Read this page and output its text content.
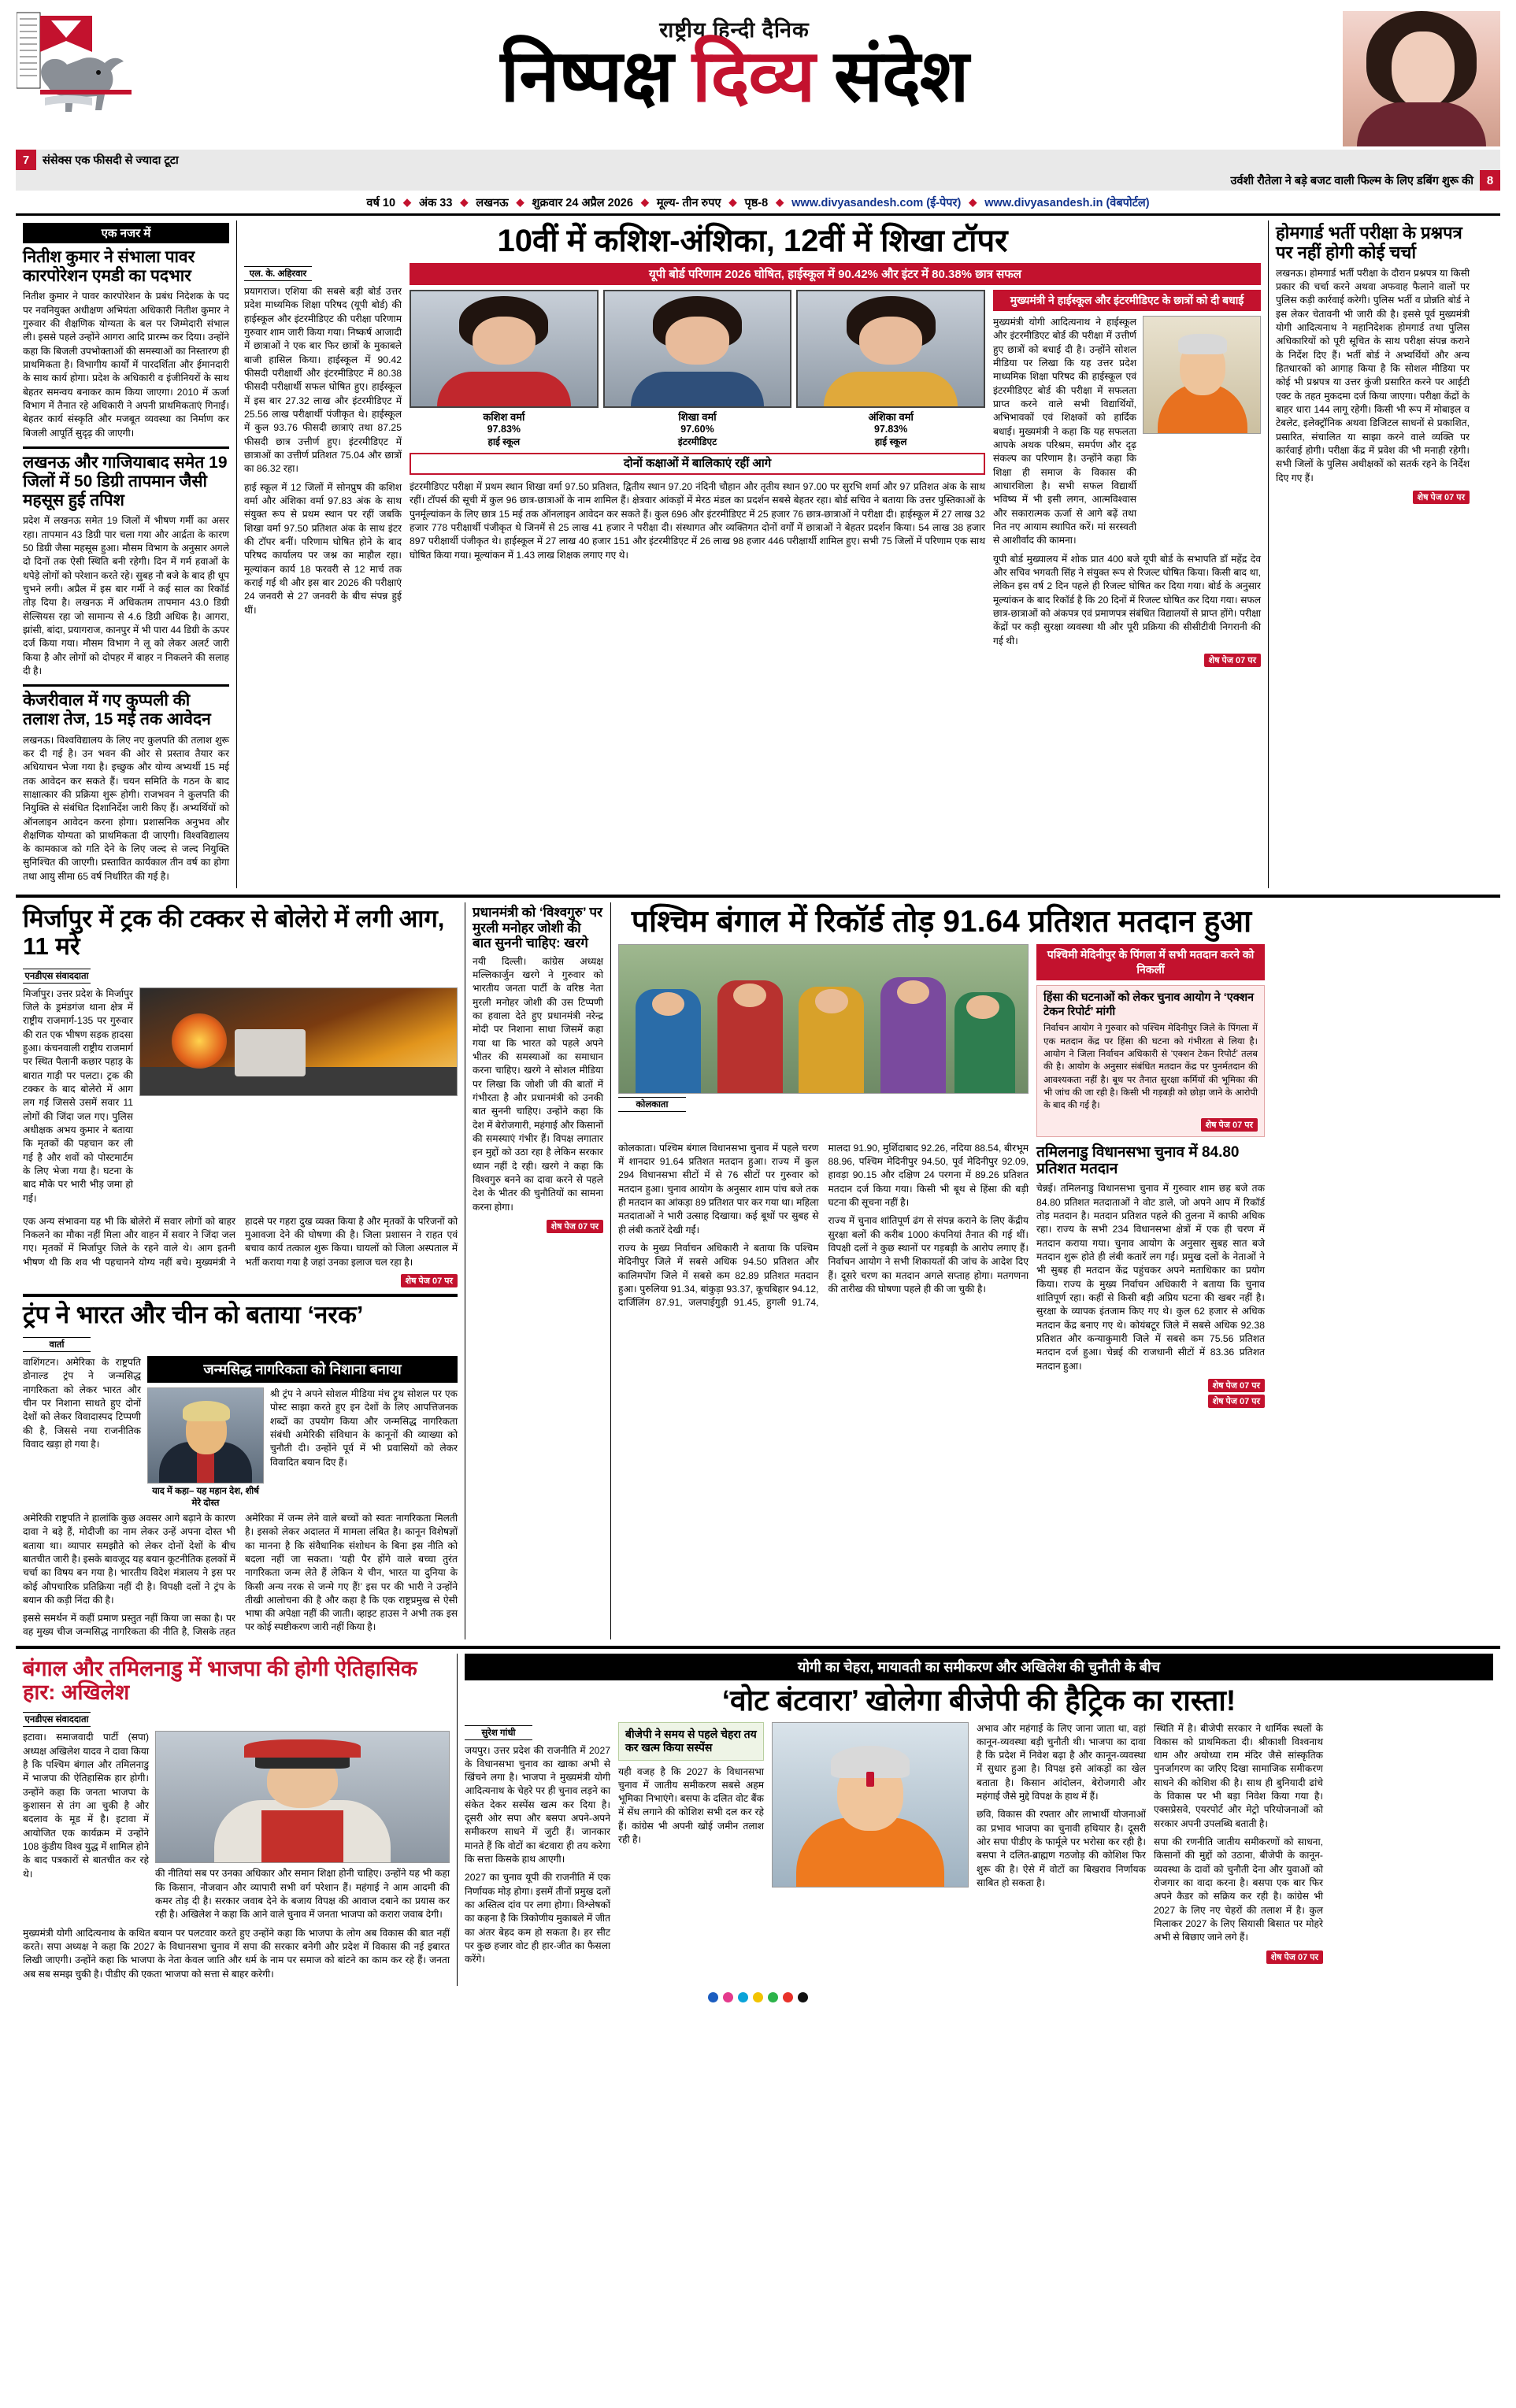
राष्ट्रीय हिन्दी दैनिक
निष्पक्ष दिव्य संदेश
7	संसेक्स एक फीसदी से ज्यादा टूटा
उर्वशी रौतेला ने बड़े बजट वाली फिल्म के लिए डबिंग शुरू की	8
वर्ष 10 ◆ अंक 33 ◆ लखनऊ ◆ शुक्रवार 24 अप्रैल 2026 ◆ मूल्य- तीन रुपए ◆ पृष्ठ-8 ◆ www.divyasandesh.com (ई-पेपर) ◆ www.divyasandesh.in (वेबपोर्टल)
एक नजर में
नितीश कुमार ने संभाला पावर कारपोरेशन एमडी का पदभार

नितीश कुमार ने पावर कारपोरेशन के प्रबंध निदेशक के पद पर नवनियुक्त अधीक्षण अभियंता अधिकारी नितीश कुमार ने गुरुवार की शैक्षणिक योग्यता के बल पर जिम्मेदारी संभाल ली। इससे पहले उन्होंने आगरा आदि प्रारम्भ कर दिया। उन्होंने कहा कि बिजली उपभोक्ताओं की समस्याओं का निस्तारण ही प्राथमिकता है। विभागीय कार्यों में पारदर्शिता और ईमानदारी के साथ कार्य होगा। प्रदेश के अधिकारी व इंजीनियरों के साथ बेहतर समन्वय बनाकर काम किया जाएगा। 2010 में ऊर्जा विभाग में तैनात रहे अधिकारी ने अपनी प्राथमिकताएं गिनाईं। बेहतर कार्य संस्कृति और मजबूत व्यवस्था का निर्माण कर बिजली आपूर्ति सुदृढ़ की जाएगी।

लखनऊ और गाजियाबाद समेत 19 जिलों में 50 डिग्री तापमान जैसी महसूस हुई तपिश

प्रदेश में लखनऊ समेत 19 जिलों में भीषण गर्मी का असर रहा। तापमान 43 डिग्री पार चला गया और आर्द्रता के कारण 50 डिग्री जैसा महसूस हुआ। मौसम विभाग के अनुसार अगले दो दिनों तक ऐसी स्थिति बनी रहेगी। दिन में गर्म हवाओं के थपेड़े लोगों को परेशान करते रहे। सुबह नौ बजे के बाद ही धूप चुभने लगी। अप्रैल में इस बार गर्मी ने कई साल का रिकॉर्ड तोड़ दिया है। लखनऊ में अधिकतम तापमान 43.0 डिग्री सेल्सियस रहा जो सामान्य से 4.6 डिग्री अधिक है। आगरा, झांसी, बांदा, प्रयागराज, कानपुर में भी पारा 44 डिग्री के ऊपर दर्ज किया गया। मौसम विभाग ने लू को लेकर अलर्ट जारी किया है और लोगों को दोपहर में बाहर न निकलने की सलाह दी है।

केजरीवाल में गए कुप्पली की तलाश तेज, 15 मई तक आवेदन

लखनऊ। विश्वविद्यालय के लिए नए कुलपति की तलाश शुरू कर दी गई है। उन भवन की ओर से प्रस्ताव तैयार कर अधियाचन भेजा गया है। इच्छुक और योग्य अभ्यर्थी 15 मई तक आवेदन कर सकते हैं। चयन समिति के गठन के बाद साक्षात्कार की प्रक्रिया शुरू होगी। राजभवन ने कुलपति की नियुक्ति से संबंधित दिशानिर्देश जारी किए हैं। अभ्यर्थियों को ऑनलाइन आवेदन करना होगा। प्रशासनिक अनुभव और शैक्षणिक योग्यता को प्राथमिकता दी जाएगी। विश्वविद्यालय के कामकाज को गति देने के लिए जल्द से जल्द नियुक्ति सुनिश्चित की जाएगी। प्रस्तावित कार्यकाल तीन वर्ष का होगा तथा आयु सीमा 65 वर्ष निर्धारित की गई है।

10वीं में कशिश-अंशिका, 12वीं में शिखा टॉपर
एल. के. अहिरवार

प्रयागराज। एशिया की सबसे बड़ी बोर्ड उत्तर प्रदेश माध्यमिक शिक्षा परिषद (यूपी बोर्ड) की हाईस्कूल और इंटरमीडिएट की परीक्षा परिणाम गुरुवार शाम जारी किया गया। निष्कर्ष आजादी में छात्राओं ने एक बार फिर छात्रों के मुकाबले बाजी हासिल किया। हाईस्कूल में 90.42 फीसदी परीक्षार्थी और इंटरमीडिएट में 80.38 फीसदी परीक्षार्थी सफल घोषित हुए। हाईस्कूल में इस बार 27.32 लाख और इंटरमीडिएट में 25.56 लाख परीक्षार्थी पंजीकृत थे। हाईस्कूल में कुल 93.76 फीसदी छात्राएं तथा 87.25 फीसदी छात्र उत्तीर्ण हुए। इंटरमीडिएट में छात्राओं का उत्तीर्ण प्रतिशत 75.04 और छात्रों का 86.32 रहा।

हाई स्कूल में 12 जिलों में सोनप्रुष की कशिश वर्मा और अंशिका वर्मा 97.83 अंक के साथ संयुक्त रूप से प्रथम स्थान पर रहीं जबकि शिखा वर्मा 97.50 प्रतिशत अंक के साथ इंटर की टॉपर बनीं। परिणाम घोषित होने के बाद परिषद कार्यालय पर जश्न का माहौल रहा। मूल्यांकन कार्य 18 फरवरी से 12 मार्च तक कराई गई थी और इस बार 2026 की परीक्षाएं 24 जनवरी से 27 जनवरी के बीच संपन्न हुई थीं।

यूपी बोर्ड परिणाम 2026 घोषित, हाईस्कूल में 90.42% और इंटर में 80.38% छात्र सफल
कशिश वर्मा
97.83%
हाई स्कूल
शिखा वर्मा
97.60%
इंटरमीडिएट
अंशिका वर्मा
97.83%
हाई स्कूल
दोनों कक्षाओं में बालिकाएं रहीं आगे

इंटरमीडिएट परीक्षा में प्रथम स्थान शिखा वर्मा 97.50 प्रतिशत, द्वितीय स्थान 97.20 नंदिनी चौहान और तृतीय स्थान 97.00 पर सुरभि शर्मा और 97 प्रतिशत अंक के साथ रहीं। टॉपर्स की सूची में कुल 96 छात्र-छात्राओं के नाम शामिल हैं। क्षेत्रवार आंकड़ों में मेरठ मंडल का प्रदर्शन सबसे बेहतर रहा। बोर्ड सचिव ने बताया कि उत्तर पुस्तिकाओं के पुनर्मूल्यांकन के लिए छात्र 15 मई तक ऑनलाइन आवेदन कर सकते हैं। कुल 696 और इंटरमीडिएट में 25 हजार 76 छात्र-छात्राओं ने परीक्षा दी। हाईस्कूल में 27 लाख 32 हजार 778 परीक्षार्थी पंजीकृत थे जिनमें से 25 लाख 41 हजार ने परीक्षा दी। संस्थागत और व्यक्तिगत दोनों वर्गों में छात्राओं ने बेहतर प्रदर्शन किया। 54 लाख 38 हजार 897 परीक्षार्थी पंजीकृत थे। हाईस्कूल में 27 लाख 40 हजार 151 और इंटरमीडिएट में 26 लाख 98 हजार 446 परीक्षार्थी शामिल हुए। सभी 75 जिलों में परिणाम एक साथ घोषित किया गया। मूल्यांकन में 1.43 लाख शिक्षक लगाए गए थे।

मुख्यमंत्री ने हाईस्कूल और इंटरमीडिएट के छात्रों को दी बधाई

मुख्यमंत्री योगी आदित्यनाथ ने हाईस्कूल और इंटरमीडिएट बोर्ड की परीक्षा में उत्तीर्ण हुए छात्रों को बधाई दी है। उन्होंने सोशल मीडिया पर लिखा कि यह उत्तर प्रदेश माध्यमिक शिक्षा परिषद की हाईस्कूल एवं इंटरमीडिएट बोर्ड की परीक्षा में सफलता प्राप्त करने वाले सभी विद्यार्थियों, अभिभावकों एवं शिक्षकों को हार्दिक बधाई। मुख्यमंत्री ने कहा कि यह सफलता आपके अथक परिश्रम, समर्पण और दृढ़ संकल्प का परिणाम है। उन्होंने कहा कि शिक्षा ही समाज के विकास की आधारशिला है। सभी सफल विद्यार्थी भविष्य में भी इसी लगन, आत्मविश्वास और सकारात्मक ऊर्जा से आगे बढ़ें तथा नित नए आयाम स्थापित करें। मां सरस्वती से आशीर्वाद की कामना।

यूपी बोर्ड मुख्यालय में शोक प्रात 400 बजे यूपी बोर्ड के सभापति डॉ महेंद्र देव और सचिव भगवती सिंह ने संयुक्त रूप से रिजल्ट घोषित किया। किसी बाद था, लेकिन इस वर्ष 2 दिन पहले ही रिजल्ट घोषित कर दिया गया। बोर्ड के अनुसार मूल्यांकन के बाद रिकॉर्ड है कि 20 दिनों में रिजल्ट घोषित कर दिया गया। सफल छात्र-छात्राओं को अंकपत्र एवं प्रमाणपत्र संबंधित विद्यालयों से प्राप्त होंगे। परीक्षा केंद्रों पर कड़ी सुरक्षा व्यवस्था थी और पूरी प्रक्रिया की सीसीटीवी निगरानी की गई थी।

शेष पेज 07 पर
होमगार्ड भर्ती परीक्षा के प्रश्नपत्र पर नहीं होगी कोई चर्चा

लखनऊ। होमगार्ड भर्ती परीक्षा के दौरान प्रश्नपत्र या किसी प्रकार की चर्चा करने अथवा अफवाह फैलाने वालों पर पुलिस कड़ी कार्रवाई करेगी। पुलिस भर्ती व प्रोन्नति बोर्ड ने इस लेकर चेतावनी भी जारी की है। इससे पूर्व मुख्यमंत्री योगी आदित्यनाथ ने महानिदेशक होमगार्ड तथा पुलिस अधिकारियों को पूरी सूचित के साथ परीक्षा संपन्न कराने के निर्देश दिए हैं। भर्ती बोर्ड ने अभ्यर्थियों और अन्य हितधारकों को आगाह किया है कि सोशल मीडिया पर कोई भी प्रश्नपत्र या उत्तर कुंजी प्रसारित करने पर आईटी एक्ट के तहत मुकदमा दर्ज किया जाएगा। परीक्षा केंद्रों के बाहर धारा 144 लागू रहेगी। किसी भी रूप में मोबाइल व टेबलेट, इलेक्ट्रॉनिक अथवा डिजिटल साधनों से प्रकाशित, प्रसारित, संचालित या साझा करने वाले व्यक्ति पर कार्रवाई होगी। परीक्षा केंद्र में प्रवेश की भी मनाही रहेगी। सभी जिलों के पुलिस अधीक्षकों को सतर्क रहने के निर्देश दिए गए हैं।

शेष पेज 07 पर
मिर्जापुर में ट्रक की टक्कर से बोलेरो में लगी आग, 11 मरे
एनडीएस संवाददाता

मिर्जापुर। उत्तर प्रदेश के मिर्जापुर जिले के ड्रमंडगंज थाना क्षेत्र में राष्ट्रीय राजमार्ग-135 पर गुरुवार की रात एक भीषण सड़क हादसा हुआ। कंचनवाली राष्ट्रीय राजमार्ग पर स्थित पैलानी कछार पहाड़ के बारात गाड़ी पर पलटा। ट्रक की टक्कर के बाद बोलेरो में आग लग गई जिससे उसमें सवार 11 लोगों की जिंदा जल गए। पुलिस अधीक्षक अभय कुमार ने बताया कि मृतकों की पहचान कर ली गई है और शवों को पोस्टमार्टम के लिए भेजा गया है। घटना के बाद मौके पर भारी भीड़ जमा हो गई।

एक अन्य संभावना यह भी कि बोलेरो में सवार लोगों को बाहर निकलने का मौका नहीं मिला और वाहन में सवार ने जिंदा जल गए। मृतकों में मिर्जापुर जिले के रहने वाले थे। आग इतनी भीषण थी कि शव भी पहचानने योग्य नहीं बचे। मुख्यमंत्री ने हादसे पर गहरा दुख व्यक्त किया है और मृतकों के परिजनों को मुआवजा देने की घोषणा की है। जिला प्रशासन ने राहत एवं बचाव कार्य तत्काल शुरू किया। घायलों को जिला अस्पताल में भर्ती कराया गया है जहां उनका इलाज चल रहा है।

शेष पेज 07 पर
ट्रंप ने भारत और चीन को बताया ‘नरक’
वार्ता

वाशिंगटन। अमेरिका के राष्ट्रपति डोनाल्ड ट्रंप ने जन्मसिद्ध नागरिकता को लेकर भारत और चीन पर निशाना साधते हुए दोनों देशों को लेकर विवादास्पद टिप्पणी की है, जिससे नया राजनीतिक विवाद खड़ा हो गया है।

जन्मसिद्ध नागरिकता को निशाना बनाया
याद में कहा– यह महान देश, शीर्ष मेरे दोस्त

श्री ट्रंप ने अपने सोशल मीडिया मंच ट्रुथ सोशल पर एक पोस्ट साझा करते हुए इन देशों के लिए आपत्तिजनक शब्दों का उपयोग किया और जन्मसिद्ध नागरिकता संबंधी अमेरिकी संविधान के कानूनों की व्याख्या को चुनौती दी। उन्होंने पूर्व में भी प्रवासियों को लेकर विवादित बयान दिए हैं।

अमेरिकी राष्ट्रपति ने हालांकि कुछ अवसर आगे बढ़ाने के कारण दावा ने बड़े हैं, मोदीजी का नाम लेकर उन्हें अपना दोस्त भी बताया था। व्यापार समझौते को लेकर दोनों देशों के बीच बातचीत जारी है। इसके बावजूद यह बयान कूटनीतिक हलकों में चर्चा का विषय बन गया है। भारतीय विदेश मंत्रालय ने इस पर कोई औपचारिक प्रतिक्रिया नहीं दी है। विपक्षी दलों ने ट्रंप के बयान की कड़ी निंदा की है।

इससे समर्थन में कहीं प्रमाण प्रस्तुत नहीं किया जा सका है। पर वह मुख्य चीज जन्मसिद्ध नागरिकता की नीति है, जिसके तहत अमेरिका में जन्म लेने वाले बच्चों को स्वतः नागरिकता मिलती है। इसको लेकर अदालत में मामला लंबित है। कानून विशेषज्ञों का मानना है कि संवैधानिक संशोधन के बिना इस नीति को बदला नहीं जा सकता। ‘यही पैर होंगे वाले बच्चा तुरंत नागरिकता जन्म लेते हैं लेकिन ये चीन, भारत या दुनिया के किसी अन्य नरक से जन्मे गए हैं!’ इस पर की भारी ने उन्होंने तीखी आलोचना की है और कहा है कि एक राष्ट्रप्रमुख से ऐसी भाषा की अपेक्षा नहीं की जाती। व्हाइट हाउस ने अभी तक इस पर कोई स्पष्टीकरण जारी नहीं किया है।

प्रधानमंत्री को ‘विश्वगुरु’ पर मुरली मनोहर जोशी की बात सुननी चाहिए: खरगे

नयी दिल्ली। कांग्रेस अध्यक्ष मल्लिकार्जुन खरगे ने गुरुवार को भारतीय जनता पार्टी के वरिष्ठ नेता मुरली मनोहर जोशी की उस टिप्पणी का हवाला देते हुए प्रधानमंत्री नरेन्द्र मोदी पर निशाना साधा जिसमें कहा गया था कि भारत को पहले अपने भीतर की समस्याओं का समाधान करना चाहिए। खरगे ने सोशल मीडिया पर लिखा कि जोशी जी की बातों में गंभीरता है और प्रधानमंत्री को उनकी बात सुननी चाहिए। उन्होंने कहा कि देश में बेरोजगारी, महंगाई और किसानों की समस्याएं गंभीर हैं। विपक्ष लगातार इन मुद्दों को उठा रहा है लेकिन सरकार ध्यान नहीं दे रही। खरगे ने कहा कि विश्वगुरु बनने का दावा करने से पहले देश के भीतर की चुनौतियों का सामना करना होगा।

शेष पेज 07 पर
पश्चिम बंगाल में रिकॉर्ड तोड़ 91.64 प्रतिशत मतदान हुआ
कोलकाता
पश्चिमी मेदिनीपुर के पिंगला में सभी मतदान करने को निकलीं
हिंसा की घटनाओं को लेकर चुनाव आयोग ने ‘एक्शन टेकन रिपोर्ट’ मांगी

निर्वाचन आयोग ने गुरुवार को पश्चिम मेदिनीपुर जिले के पिंगला में एक मतदान केंद्र पर हिंसा की घटना को गंभीरता से लिया है। आयोग ने जिला निर्वाचन अधिकारी से ‘एक्शन टेकन रिपोर्ट’ तलब की है। आयोग के अनुसार संबंधित मतदान केंद्र पर पुनर्मतदान की आवश्यकता नहीं है। बूथ पर तैनात सुरक्षा कर्मियों की भूमिका की भी जांच की जा रही है। किसी भी गड़बड़ी को छोड़ा जाने के आरोपी के बाद की गई है।

शेष पेज 07 पर

कोलकाता। पश्चिम बंगाल विधानसभा चुनाव में पहले चरण में शानदार 91.64 प्रतिशत मतदान हुआ। राज्य में कुल 294 विधानसभा सीटों में से 76 सीटों पर गुरुवार को मतदान हुआ। चुनाव आयोग के अनुसार शाम पांच बजे तक ही मतदान का आंकड़ा 89 प्रतिशत पार कर गया था। महिला मतदाताओं ने भारी उत्साह दिखाया। कई बूथों पर सुबह से ही लंबी कतारें देखी गईं।

राज्य के मुख्य निर्वाचन अधिकारी ने बताया कि पश्चिम मेदिनीपुर जिले में सबसे अधिक 94.50 प्रतिशत और कालिमपोंग जिले में सबसे कम 82.89 प्रतिशत मतदान हुआ। पुरुलिया 91.34, बांकुड़ा 93.37, कूचबिहार 94.12, दार्जिलिंग 87.91, जलपाईगुड़ी 91.45, हुगली 91.74, मालदा 91.90, मुर्शिदाबाद 92.26, नदिया 88.54, बीरभूम 88.96, पश्चिम मेदिनीपुर 94.50, पूर्व मेदिनीपुर 92.09, हावड़ा 90.15 और दक्षिण 24 परगना में 89.26 प्रतिशत मतदान दर्ज किया गया। किसी भी बूथ से हिंसा की बड़ी घटना की सूचना नहीं है।

राज्य में चुनाव शांतिपूर्ण ढंग से संपन्न कराने के लिए केंद्रीय सुरक्षा बलों की करीब 1000 कंपनियां तैनात की गई थीं। विपक्षी दलों ने कुछ स्थानों पर गड़बड़ी के आरोप लगाए हैं। निर्वाचन आयोग ने सभी शिकायतों की जांच के आदेश दिए हैं। दूसरे चरण का मतदान अगले सप्ताह होगा। मतगणना की तारीख की घोषणा पहले ही की जा चुकी है।

तमिलनाडु विधानसभा चुनाव में 84.80 प्रतिशत मतदान

चेन्नई। तमिलनाडु विधानसभा चुनाव में गुरुवार शाम छह बजे तक 84.80 प्रतिशत मतदाताओं ने वोट डाले, जो अपने आप में रिकॉर्ड तोड़ मतदान है। मतदान प्रतिशत पहले की तुलना में काफी अधिक रहा। राज्य के सभी 234 विधानसभा क्षेत्रों में एक ही चरण में मतदान कराया गया। चुनाव आयोग के अनुसार सुबह सात बजे मतदान शुरू होते ही लंबी कतारें लग गईं। प्रमुख दलों के नेताओं ने भी सुबह ही मतदान केंद्र पहुंचकर अपने मताधिकार का प्रयोग किया। राज्य के मुख्य निर्वाचन अधिकारी ने बताया कि चुनाव शांतिपूर्ण रहा। कहीं से किसी बड़ी अप्रिय घटना की खबर नहीं है। सुरक्षा के व्यापक इंतजाम किए गए थे। कुल 62 हजार से अधिक मतदान केंद्र बनाए गए थे। कोयंबटूर जिले में सबसे अधिक 92.38 प्रतिशत और कन्याकुमारी जिले में सबसे कम 75.56 प्रतिशत मतदान दर्ज हुआ। चेन्नई की राजधानी सीटों में 83.36 प्रतिशत मतदान हुआ।

शेष पेज 07 पर
शेष पेज 07 पर
बंगाल और तमिलनाडु में भाजपा की होगी ऐतिहासिक हार: अखिलेश
एनडीएस संवाददाता

इटावा। समाजवादी पार्टी (सपा) अध्यक्ष अखिलेश यादव ने दावा किया है कि पश्चिम बंगाल और तमिलनाडु में भाजपा की ऐतिहासिक हार होगी। उन्होंने कहा कि जनता भाजपा के कुशासन से तंग आ चुकी है और बदलाव के मूड में है। इटावा में आयोजित एक कार्यक्रम में उन्होंने 108 कुंडीय विश्व युद्ध में शामिल होने के बाद पत्रकारों से बातचीत कर रहे थे।	की नीतियां सब पर उनका अधिकार और समान शिक्षा होनी चाहिए। उन्होंने यह भी कहा कि किसान, नौजवान और व्यापारी सभी वर्ग परेशान हैं। महंगाई ने आम आदमी की कमर तोड़ दी है। सरकार जवाब देने के बजाय विपक्ष की आवाज दबाने का प्रयास कर रही है। अखिलेश ने कहा कि आने वाले चुनाव में जनता भाजपा को करारा जवाब देगी।

मुख्यमंत्री योगी आदित्यनाथ के कथित बयान पर पलटवार करते हुए उन्होंने कहा कि भाजपा के लोग अब विकास की बात नहीं करते। सपा अध्यक्ष ने कहा कि 2027 के विधानसभा चुनाव में सपा की सरकार बनेगी और प्रदेश में विकास की नई इबारत लिखी जाएगी। उन्होंने कहा कि भाजपा के नेता केवल जाति और धर्म के नाम पर समाज को बांटने का काम कर रहे हैं। जनता अब सब समझ चुकी है। पीडीए की एकता भाजपा को सत्ता से बाहर करेगी।

योगी का चेहरा, मायावती का समीकरण और अखिलेश की चुनौती के बीच
‘वोट बंटवारा’ खोलेगा बीजेपी की हैट्रिक का रास्ता!
सुरेश गांधी

जयपुर। उत्तर प्रदेश की राजनीति में 2027 के विधानसभा चुनाव का खाका अभी से खिंचने लगा है। भाजपा ने मुख्यमंत्री योगी आदित्यनाथ के चेहरे पर ही चुनाव लड़ने का संकेत देकर सस्पेंस खत्म कर दिया है। दूसरी ओर सपा और बसपा अपने-अपने समीकरण साधने में जुटी हैं। जानकार मानते हैं कि वोटों का बंटवारा ही तय करेगा कि सत्ता किसके हाथ आएगी।

2027 का चुनाव यूपी की राजनीति में एक निर्णायक मोड़ होगा। इसमें तीनों प्रमुख दलों का अस्तित्व दांव पर लगा होगा। विश्लेषकों का कहना है कि त्रिकोणीय मुकाबले में जीत का अंतर बेहद कम हो सकता है। हर सीट पर कुछ हजार वोट ही हार-जीत का फैसला करेंगे।

बीजेपी ने समय से पहले चेहरा तय कर खत्म किया सस्पेंस

यही वजह है कि 2027 के विधानसभा चुनाव में जातीय समीकरण सबसे अहम भूमिका निभाएंगे। बसपा के दलित वोट बैंक में सेंध लगाने की कोशिश सभी दल कर रहे हैं। कांग्रेस भी अपनी खोई जमीन तलाश रही है।

अभाव और महंगाई के लिए जाना जाता था, वहां कानून-व्यवस्था बड़ी चुनौती थी। भाजपा का दावा है कि प्रदेश में निवेश बढ़ा है और कानून-व्यवस्था में सुधार हुआ है। विपक्ष इसे आंकड़ों का खेल बताता है। किसान आंदोलन, बेरोजगारी और महंगाई जैसे मुद्दे विपक्ष के हाथ में हैं।

छवि, विकास की रफ्तार और लाभार्थी योजनाओं का प्रभाव भाजपा का चुनावी हथियार है। दूसरी ओर सपा पीडीए के फार्मूले पर भरोसा कर रही है। बसपा ने दलित-ब्राह्मण गठजोड़ की कोशिश फिर शुरू की है। ऐसे में वोटों का बिखराव निर्णायक साबित हो सकता है।

स्थिति में है। बीजेपी सरकार ने धार्मिक स्थलों के विकास को प्राथमिकता दी। श्रीकाशी विश्वनाथ धाम और अयोध्या राम मंदिर जैसे सांस्कृतिक पुनर्जागरण का जरिए दिखा सामाजिक समीकरण साधने की कोशिश की है। साथ ही बुनियादी ढांचे के विकास पर भी बड़ा निवेश किया गया है। एक्सप्रेसवे, एयरपोर्ट और मेट्रो परियोजनाओं को सरकार अपनी उपलब्धि बताती है।

सपा की रणनीति जातीय समीकरणों को साधना, किसानों की मुद्दों को उठाना, बीजेपी के कानून-व्यवस्था के दावों को चुनौती देना और युवाओं को रोजगार का वादा करना है। बसपा एक बार फिर अपने कैडर को सक्रिय कर रही है। कांग्रेस भी 2027 के लिए नए चेहरों की तलाश में है। कुल मिलाकर 2027 के लिए सियासी बिसात पर मोहरे अभी से बिछाए जाने लगे हैं।

शेष पेज 07 पर
